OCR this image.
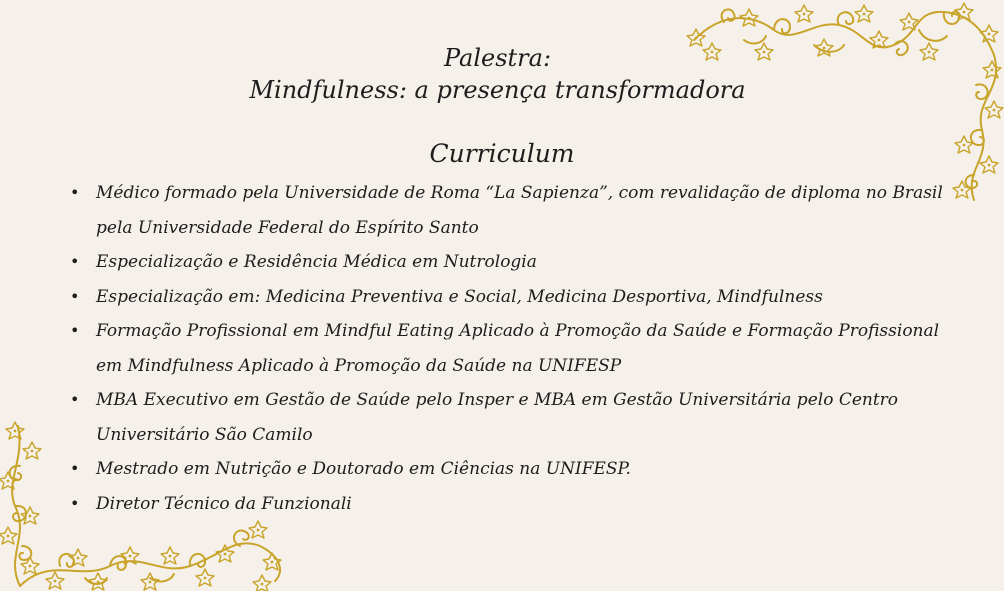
Palestra:
Mindfulness: a presença transformadora
Curriculum
• Médico formado pela Universidade de Roma “La Sapienza”, com revalidação de diploma no Brasil pela Universidade Federal do Espírito Santo
• Especialização e Residência Médica em Nutrologia
• Especialização em: Medicina Preventiva e Social, Medicina Desportiva, Mindfulness
• Formação Profissional em Mindful Eating Aplicado à Promoção da Saúde e Formação Profissional em Mindfulness Aplicado à Promoção da Saúde na UNIFESP
• MBA Executivo em Gestão de Saúde pelo Insper e MBA em Gestão Universitária pelo Centro Universitário São Camilo
• Mestrado em Nutrição e Doutorado em Ciências na UNIFESP.
• Diretor Técnico da Funzionali
